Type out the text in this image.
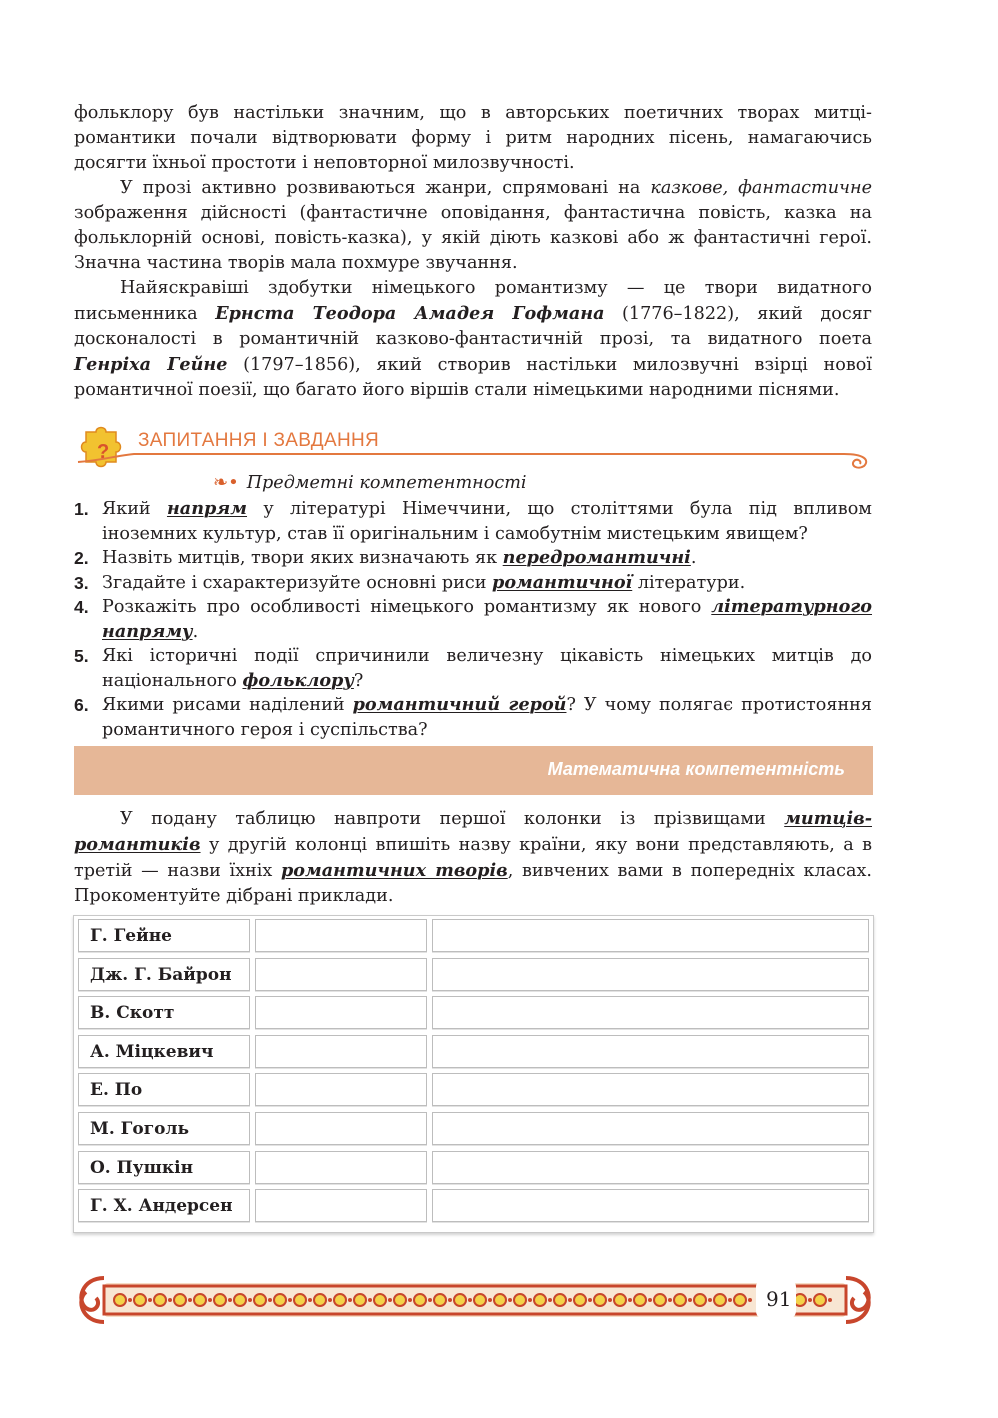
фольклору був настільки значним, що в авторських поетичних творах митці-романтики почали відтворювати форму і ритм народних пісень, намагаючись досягти їхньої простоти і неповторної милозвучності.

У прозі активно розвиваються жанри, спрямовані на казкове, фантастичне зображення дійсності (фантастичне оповідання, фантастична повість, казка на фольклорній основі, повість-казка), у якій діють казкові або ж фантастичні герої. Значна частина творів мала похмуре звучання.

Найяскравіші здобутки німецького романтизму — це твори видатного письменника Ернста Теодора Амадея Гофмана (1776–1822), який досяг досконалості в романтичній казково-фантастичній прозі, та видатного поета Генріха Гейне (1797–1856), який створив настільки милозвучні взірці нової романтичної поезії, що багато його віршів стали німецькими народними піснями.

?
ЗАПИТАННЯ І ЗАВДАННЯ
❧• Предметні компетентності
1. Який напрям у літературі Німеччини, що століттями була під впливом іноземних культур, став її оригінальним і самобутнім мистецьким явищем?
2. Назвіть митців, твори яких визначають як передромантичні.
3. Згадайте і схарактеризуйте основні риси романтичної літератури.
4. Розкажіть про особливості німецького романтизму як нового літературного напряму.
5. Які історичні події спричинили величезну цікавість німецьких митців до національного фольклору?
6. Якими рисами наділений романтичний герой? У чому полягає протистояння романтичного героя і суспільства?
Математична компетентність

У подану таблицю навпроти першої колонки із прізвищами митців-романтиків у другій колонці впишіть назву країни, яку вони представляють, а в третій — назви їхніх романтичних творів, вивчених вами в попередніх класах. Прокоментуйте дібрані приклади.

Г. Гейне
Дж. Г. Байрон
В. Скотт
А. Міцкевич
Е. По
М. Гоголь
О. Пушкін
Г. Х. Андерсен
91
